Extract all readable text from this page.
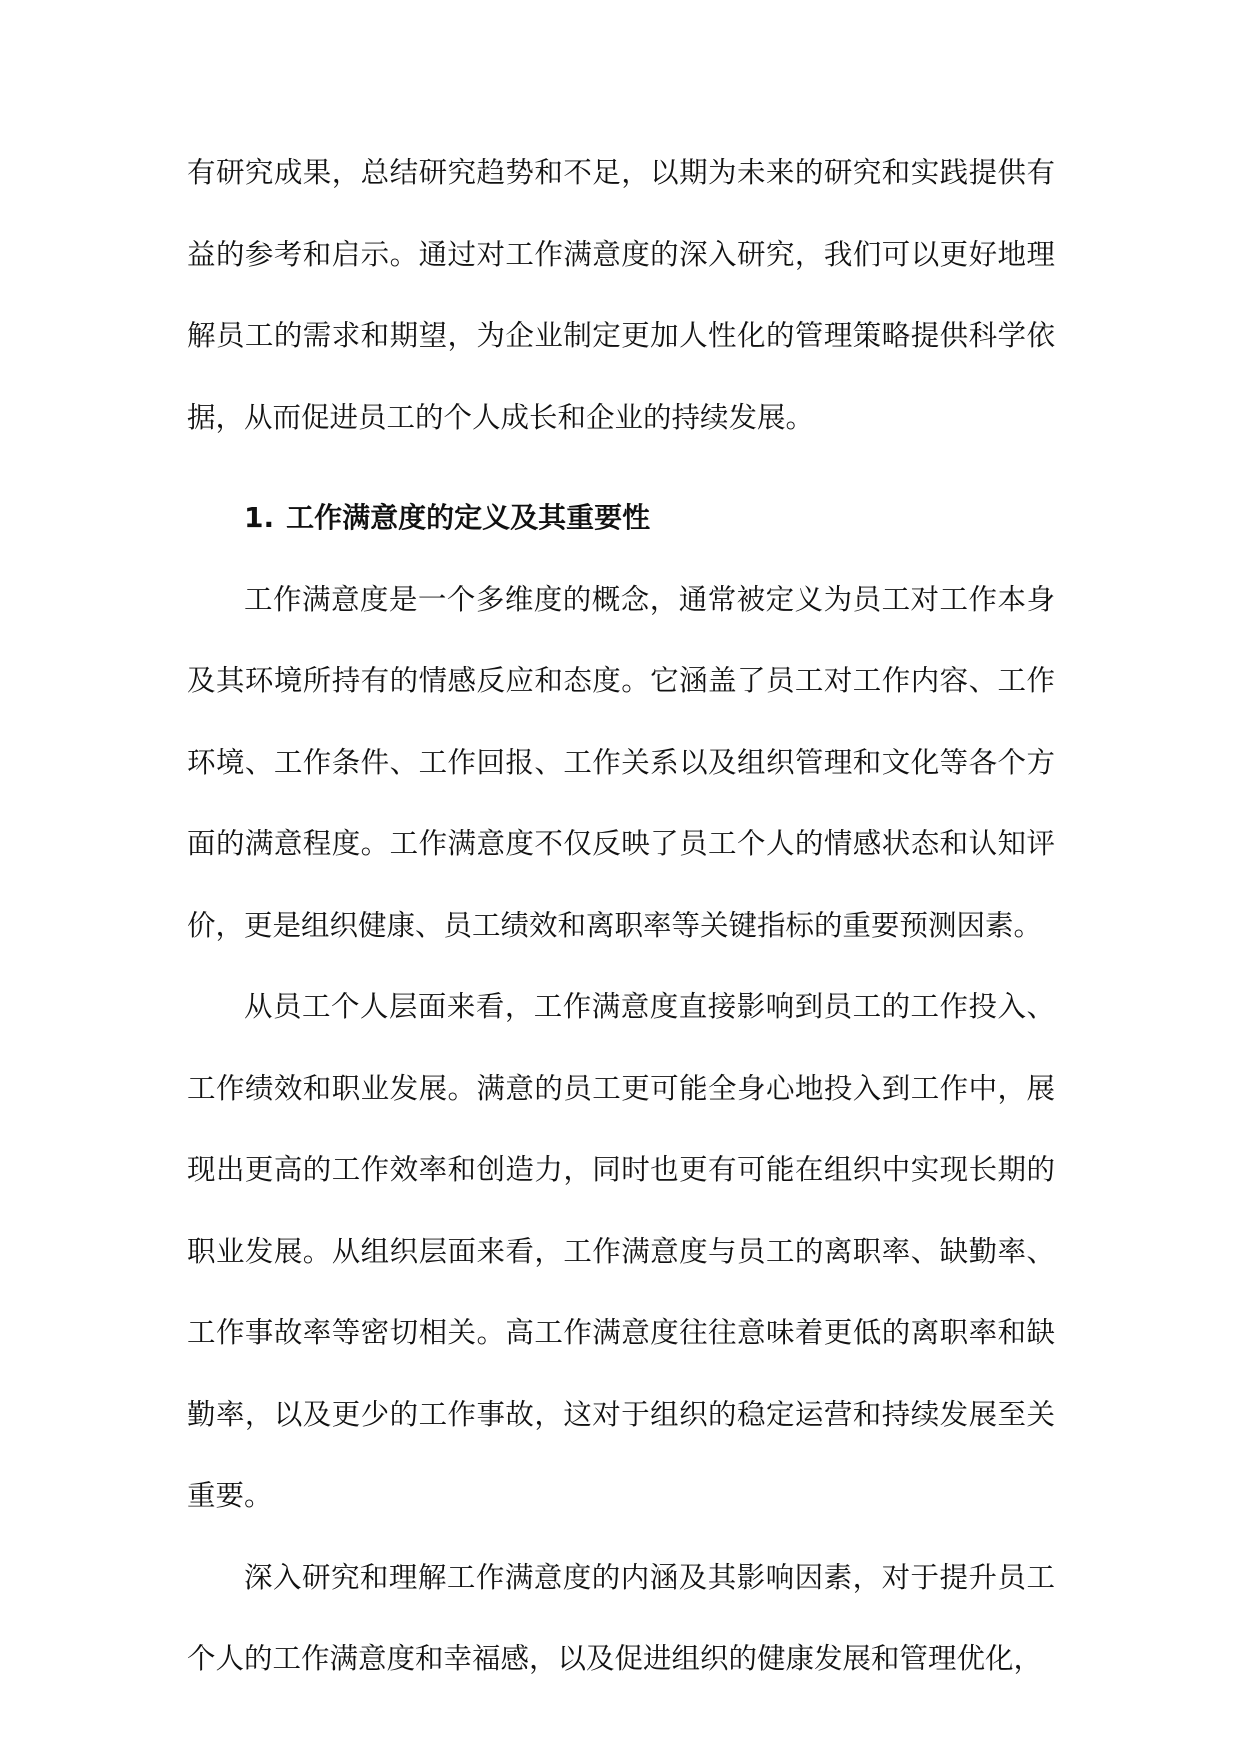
有研究成果，总结研究趋势和不足，以期为未来的研究和实践提供有益的参考和启示。通过对工作满意度的深入研究，我们可以更好地理解员工的需求和期望，为企业制定更加人性化的管理策略提供科学依据，从而促进员工的个人成长和企业的持续发展。

1. 工作满意度的定义及其重要性

工作满意度是一个多维度的概念，通常被定义为员工对工作本身及其环境所持有的情感反应和态度。它涵盖了员工对工作内容、工作环境、工作条件、工作回报、工作关系以及组织管理和文化等各个方面的满意程度。工作满意度不仅反映了员工个人的情感状态和认知评价，更是组织健康、员工绩效和离职率等关键指标的重要预测因素。

从员工个人层面来看，工作满意度直接影响到员工的工作投入、工作绩效和职业发展。满意的员工更可能全身心地投入到工作中，展现出更高的工作效率和创造力，同时也更有可能在组织中实现长期的职业发展。从组织层面来看，工作满意度与员工的离职率、缺勤率、工作事故率等密切相关。高工作满意度往往意味着更低的离职率和缺勤率，以及更少的工作事故，这对于组织的稳定运营和持续发展至关重要。

深入研究和理解工作满意度的内涵及其影响因素，对于提升员工个人的工作满意度和幸福感，以及促进组织的健康发展和管理优化，
